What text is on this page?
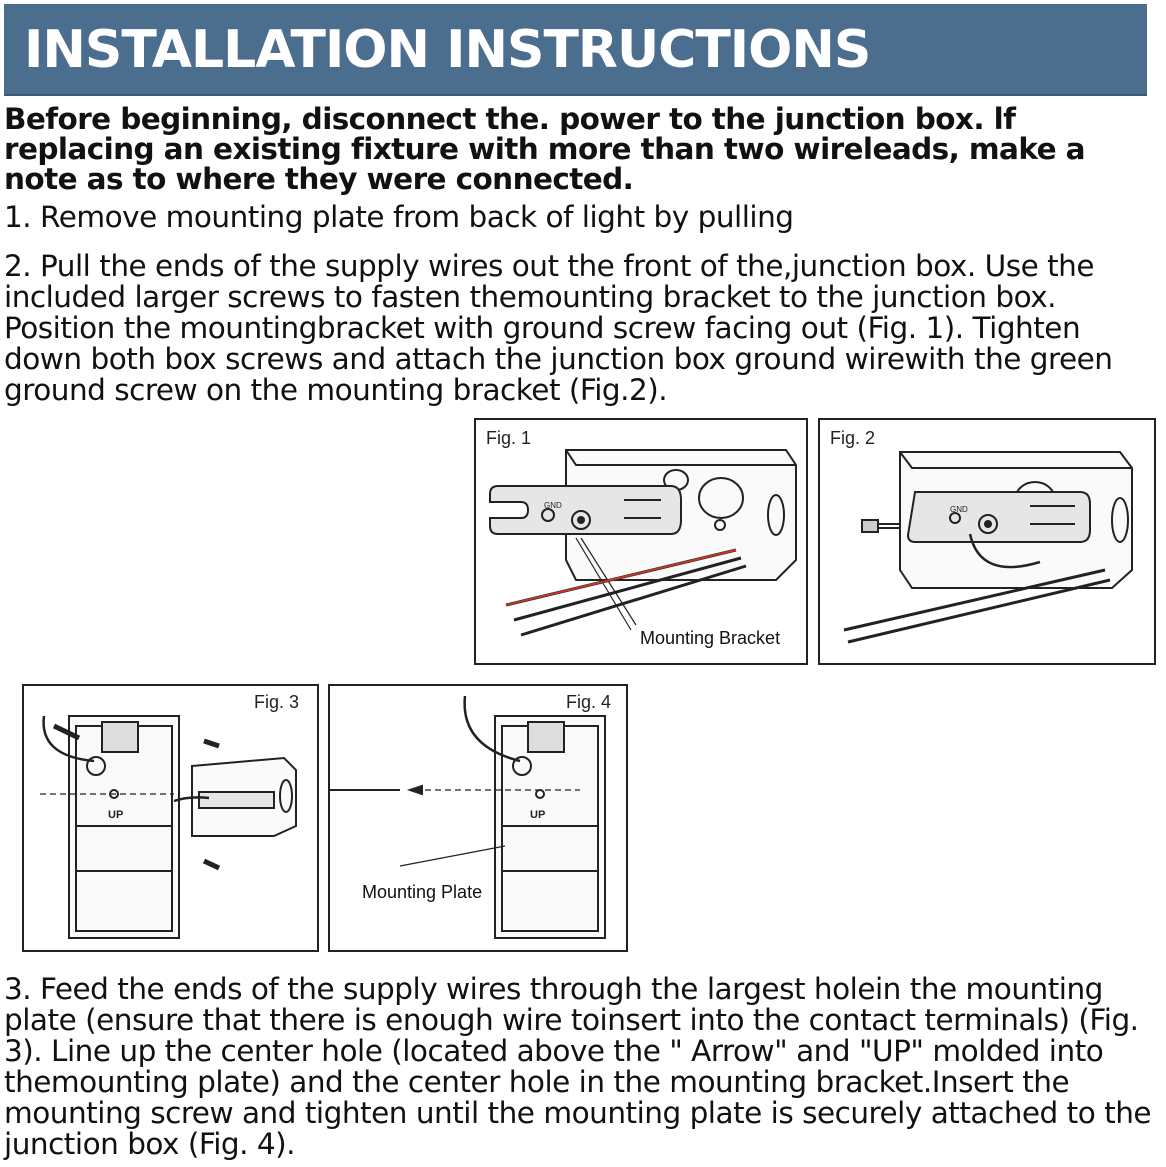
INSTALLATION INSTRUCTIONS

Before beginning, disconnect the. power to the junction box. lf replacing an existing fixture with more than two wireleads, make a note as to where they were connected.

1. Remove mounting plate from back of light by pulling

2. Pull the ends of the supply wires out the front of the,junction box. Use the included larger screws to fasten themounting bracket to the junction box. Position the mountingbracket with ground screw facing out (Fig. 1). Tighten down both box screws and attach the junction box ground wirewith the green ground screw on the mounting bracket (Fig.2).

GND
Fig. 1
Mounting Bracket
GND
Fig. 2
UP
Fig. 3
UP
Fig. 4
Mounting Plate

3. Feed the ends of the supply wires through the largest holein the mounting plate (ensure that there is enough wire toinsert into the contact terminals) (Fig. 3). Line up the center hole (located above the " Arrow" and "UP" molded into themounting plate) and the center hole in the mounting bracket.Insert the mounting screw and tighten until the mounting plate is securely attached to the junction box (Fig. 4).
